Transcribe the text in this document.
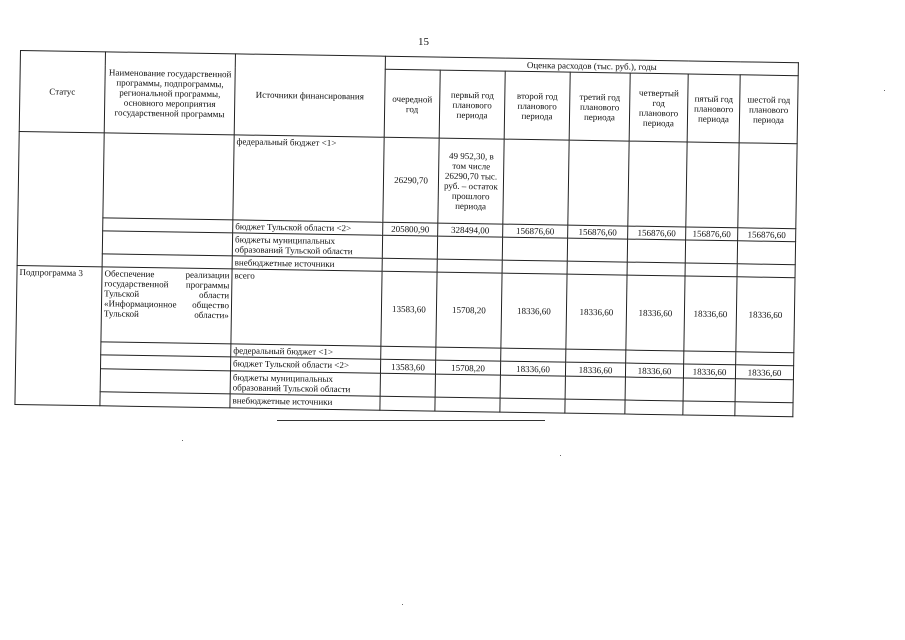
15
Статус	Наименование государственной программы, подпрограммы, региональной программы, основного мероприятия государственной программы	Источники финансирования	Оценка расходов (тыс. руб.), годы						
			очередной год	первый год планового периода	второй год планового периода	третий год планового периода	четвертый год планового периода	пятый год планового периода	шестой год планового периода
		федеральный бюджет <1>	26290,70	49 952,30, в том числе 26290,70 тыс. руб. – остаток прошлого периода					
		бюджет Тульской области <2>	205800,90	328494,00	156876,60	156876,60	156876,60	156876,60	156876,60
		бюджеты муниципальных образований Тульской области							
		внебюджетные источники							
Подпрограмма 3	Обеспечение реализации государственной программы Тульской области «Информационное общество Тульской области»	всего	13583,60	15708,20	18336,60	18336,60	18336,60	18336,60	18336,60
		федеральный бюджет <1>							
		бюджет Тульской области <2>	13583,60	15708,20	18336,60	18336,60	18336,60	18336,60	18336,60
		бюджеты муниципальных образований Тульской области							
		внебюджетные источники							
